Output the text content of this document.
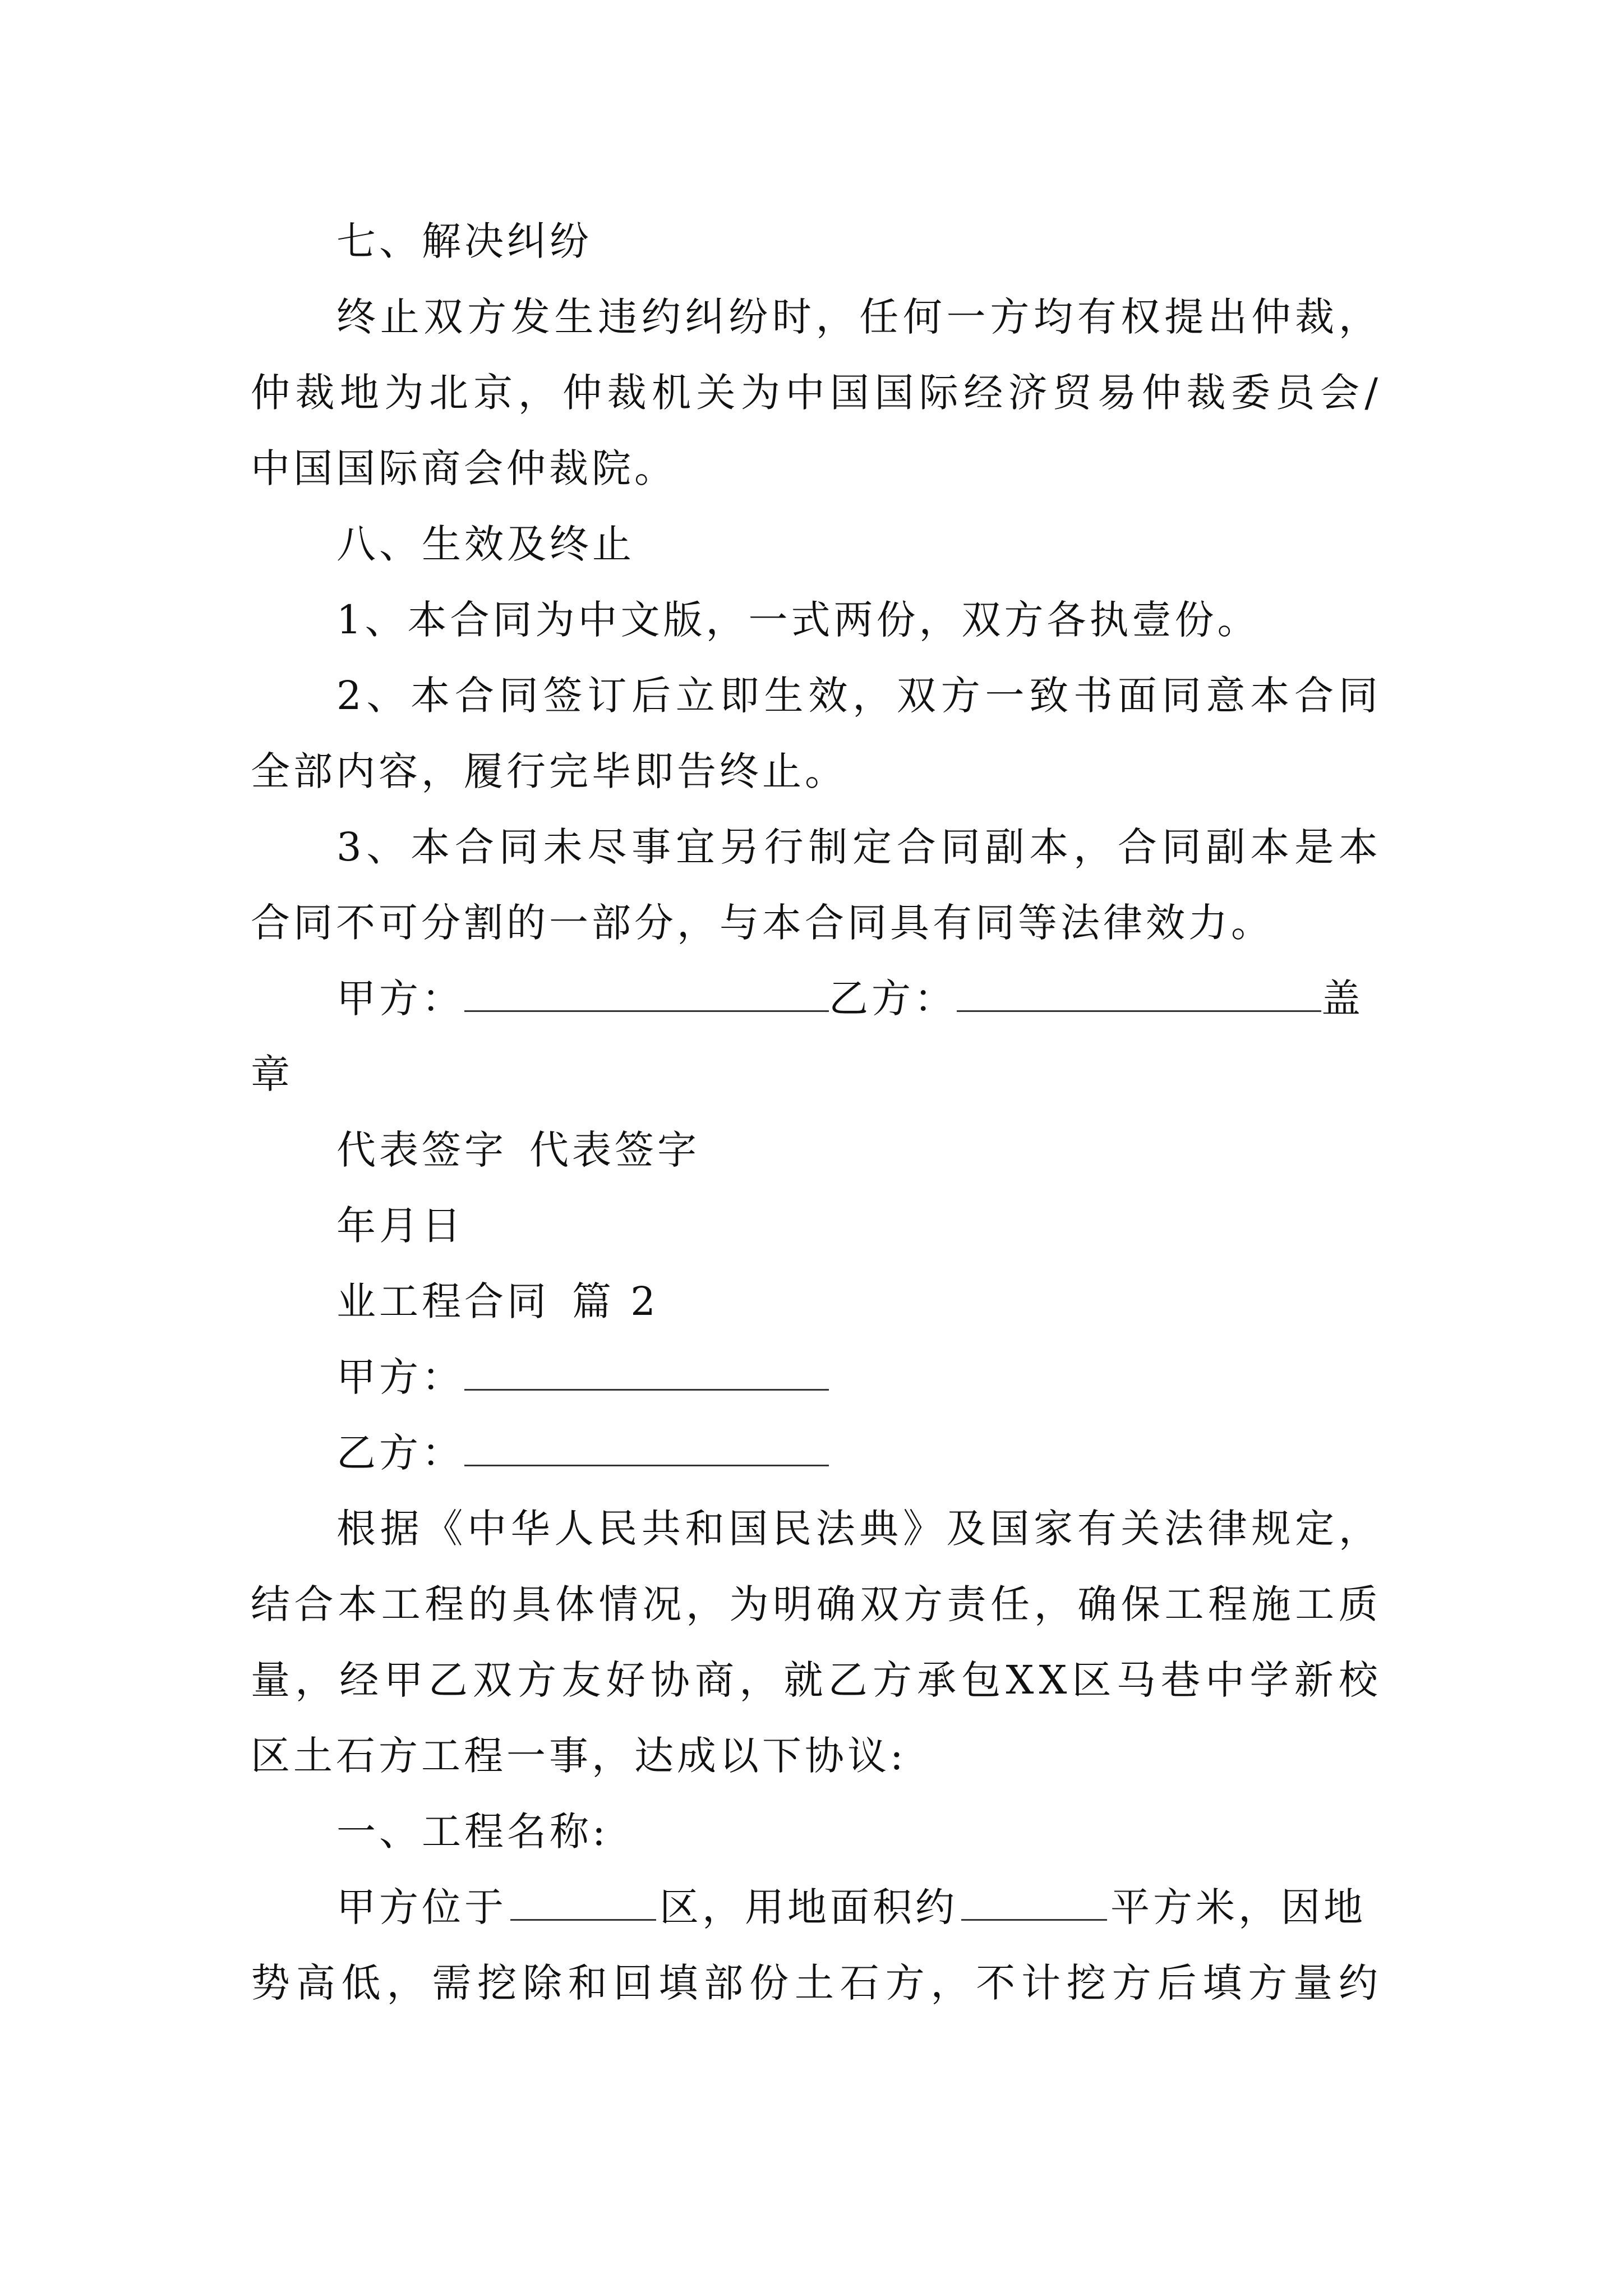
七、解决纠纷
终 止 双 方 发 生 违 约 纠 纷 时 ， 任 何 一 方 均 有 权 提 出 仲 裁 ，
仲 裁 地 为 北 京 ， 仲 裁 机 关 为 中 国 国 际 经 济 贸 易 仲 裁 委 员 会 /
中国国际商会仲裁院。
八、生效及终止
1、本合同为中文版，一式两份，双方各执壹份。
2 、 本 合 同 签 订 后 立 即 生 效 ， 双 方 一 致 书 面 同 意 本 合 同
全部内容，履行完毕即告终止。
3 、 本 合 同 未 尽 事 宜 另 行 制 定 合 同 副 本 ， 合 同 副 本 是 本
合同不可分割的一部分，与本合同具有同等法律效力。
甲方：	乙方：	盖
章
代表签字 代表签字
年月日
业工程合同 篇 2
甲方：
乙方：
根 据 《 中 华 人 民 共 和 国 民 法 典 》 及 国 家 有 关 法 律 规 定 ，
结 合 本 工 程 的 具 体 情 况 ， 为 明 确 双 方 责 任 ， 确 保 工 程 施 工 质
量 ， 经 甲 乙 双 方 友 好 协 商 ， 就 乙 方 承 包 X X 区 马 巷 中 学 新 校
区土石方工程一事，达成以下协议:
一、工程名称:
甲方位于	区，用地面积约	平方米，因地
势 高 低 ， 需 挖 除 和 回 填 部 份 土 石 方 ， 不 计 挖 方 后 填 方 量 约
